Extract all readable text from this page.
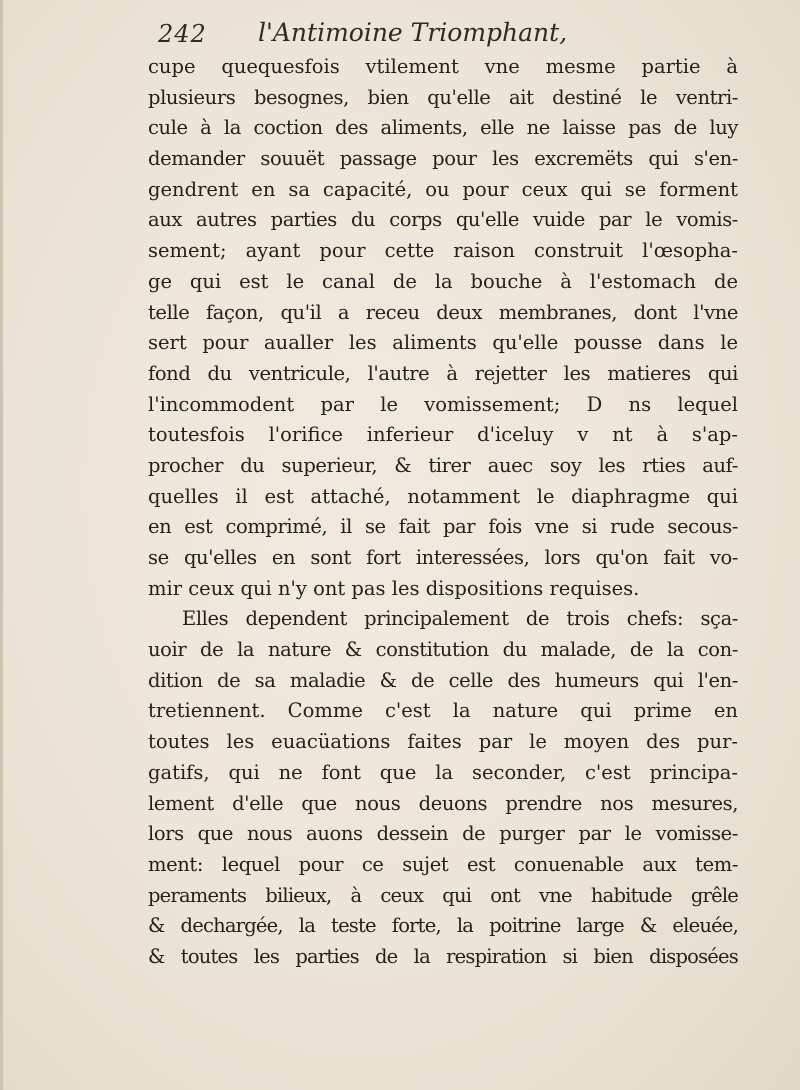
242 l'Antimoine Triomphant,
cupe quequesfois vtilement vne mesme partie à
plusieurs besognes, bien qu'elle ait destiné le ventri-
cule à la coction des aliments, elle ne laisse pas de luy
demander souuët passage pour les excremëts qui s'en-
gendrent en sa capacité, ou pour ceux qui se forment
aux autres parties du corps qu'elle vuide par le vomis-
sement; ayant pour cette raison construit l'œsopha-
ge qui est le canal de la bouche à l'estomach de
telle façon, qu'il a receu deux membranes, dont l'vne
sert pour aualler les aliments qu'elle pousse dans le
fond du ventricule, l'autre à rejetter les matieres qui
l'incommodent par le vomissement; D ns lequel
toutesfois l'orifice inferieur d'iceluy v nt à s'ap-
procher du superieur, & tirer auec soy les rties auf-
quelles il est attaché, notamment le diaphragme qui
en est comprimé, il se fait par fois vne si rude secous-
se qu'elles en sont fort interessées, lors qu'on fait vo-
mir ceux qui n'y ont pas les dispositions requises.
Elles dependent principalement de trois chefs: sça-
uoir de la nature & constitution du malade, de la con-
dition de sa maladie & de celle des humeurs qui l'en-
tretiennent. Comme c'est la nature qui prime en
toutes les euacüations faites par le moyen des pur-
gatifs, qui ne font que la seconder, c'est principa-
lement d'elle que nous deuons prendre nos mesures,
lors que nous auons dessein de purger par le vomisse-
ment: lequel pour ce sujet est conuenable aux tem-
peraments bilieux, à ceux qui ont vne habitude grêle
& dechargée, la teste forte, la poitrine large & eleuée,
& toutes les parties de la respiration si bien disposées
